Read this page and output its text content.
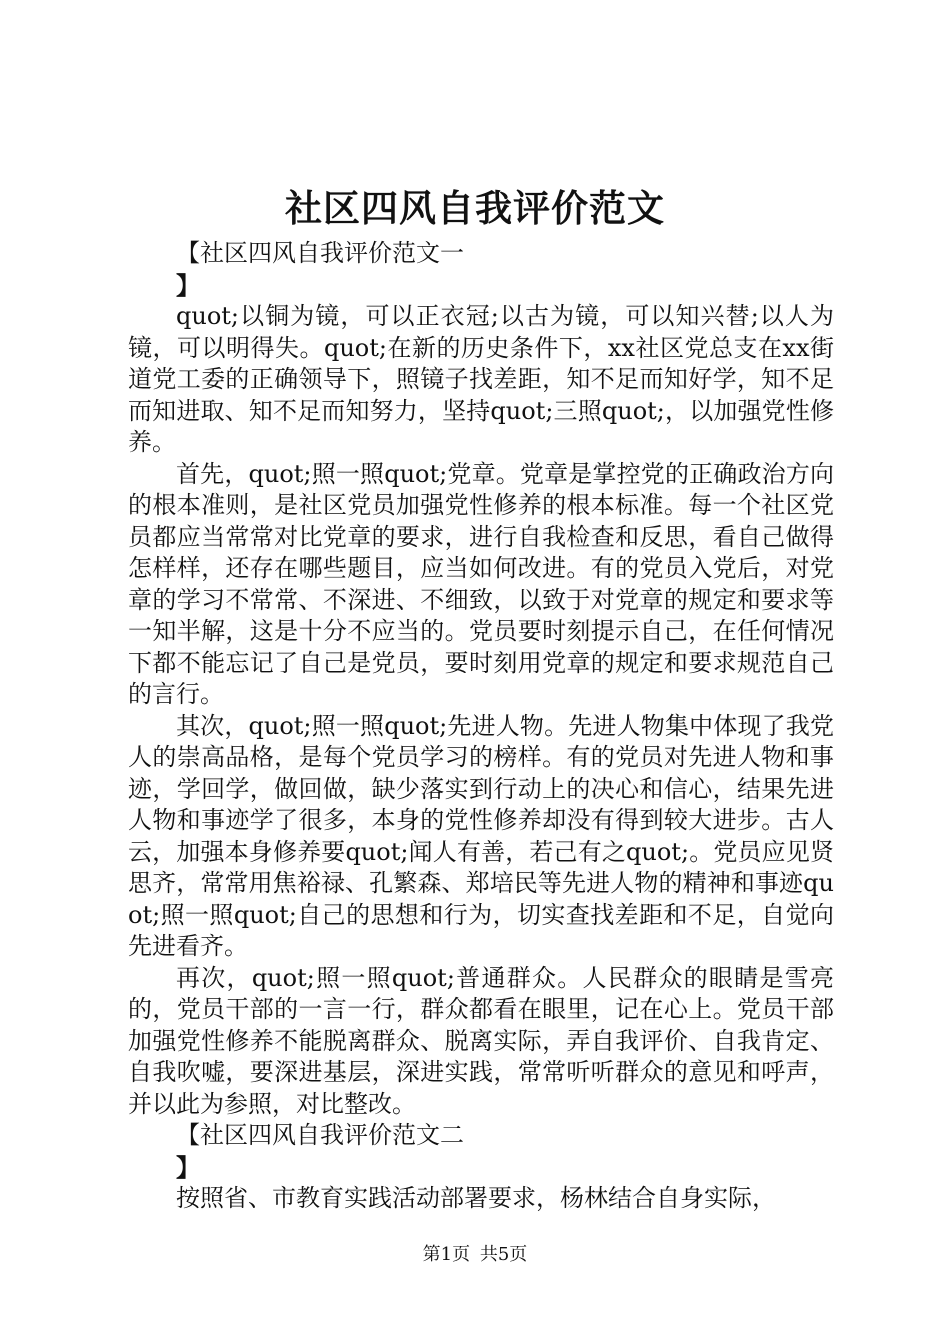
社区四风自我评价范文

【社区四风自我评价范文一

】

quot;以铜为镜，可以正衣冠;以古为镜，可以知兴替;以人为镜，可以明得失。quot;在新的历史条件下，xx社区党总支在xx街道党工委的正确领导下，照镜子找差距，知不足而知好学，知不足而知进取、知不足而知努力，坚持quot;三照quot;，以加强党性修养。

首先，quot;照一照quot;党章。党章是掌控党的正确政治方向的根本准则，是社区党员加强党性修养的根本标准。每一个社区党员都应当常常对比党章的要求，进行自我检查和反思，看自己做得怎样样，还存在哪些题目，应当如何改进。有的党员入党后，对党章的学习不常常、不深进、不细致，以致于对党章的规定和要求等一知半解，这是十分不应当的。党员要时刻提示自己，在任何情况下都不能忘记了自己是党员，要时刻用党章的规定和要求规范自己的言行。

其次，quot;照一照quot;先进人物。先进人物集中体现了我党人的崇高品格，是每个党员学习的榜样。有的党员对先进人物和事迹，学回学，做回做，缺少落实到行动上的决心和信心，结果先进人物和事迹学了很多，本身的党性修养却没有得到较大进步。古人云，加强本身修养要quot;闻人有善，若己有之quot;。党员应见贤思齐，常常用焦裕禄、孔繁森、郑培民等先进人物的精神和事迹quot;照一照quot;自己的思想和行为，切实查找差距和不足，自觉向先进看齐。

再次，quot;照一照quot;普通群众。人民群众的眼睛是雪亮的，党员干部的一言一行，群众都看在眼里，记在心上。党员干部加强党性修养不能脱离群众、脱离实际，弄自我评价、自我肯定、自我吹嘘，要深进基层，深进实践，常常听听群众的意见和呼声，并以此为参照，对比整改。

【社区四风自我评价范文二

】

按照省、市教育实践活动部署要求，杨林结合自身实际，

第1页 共5页
